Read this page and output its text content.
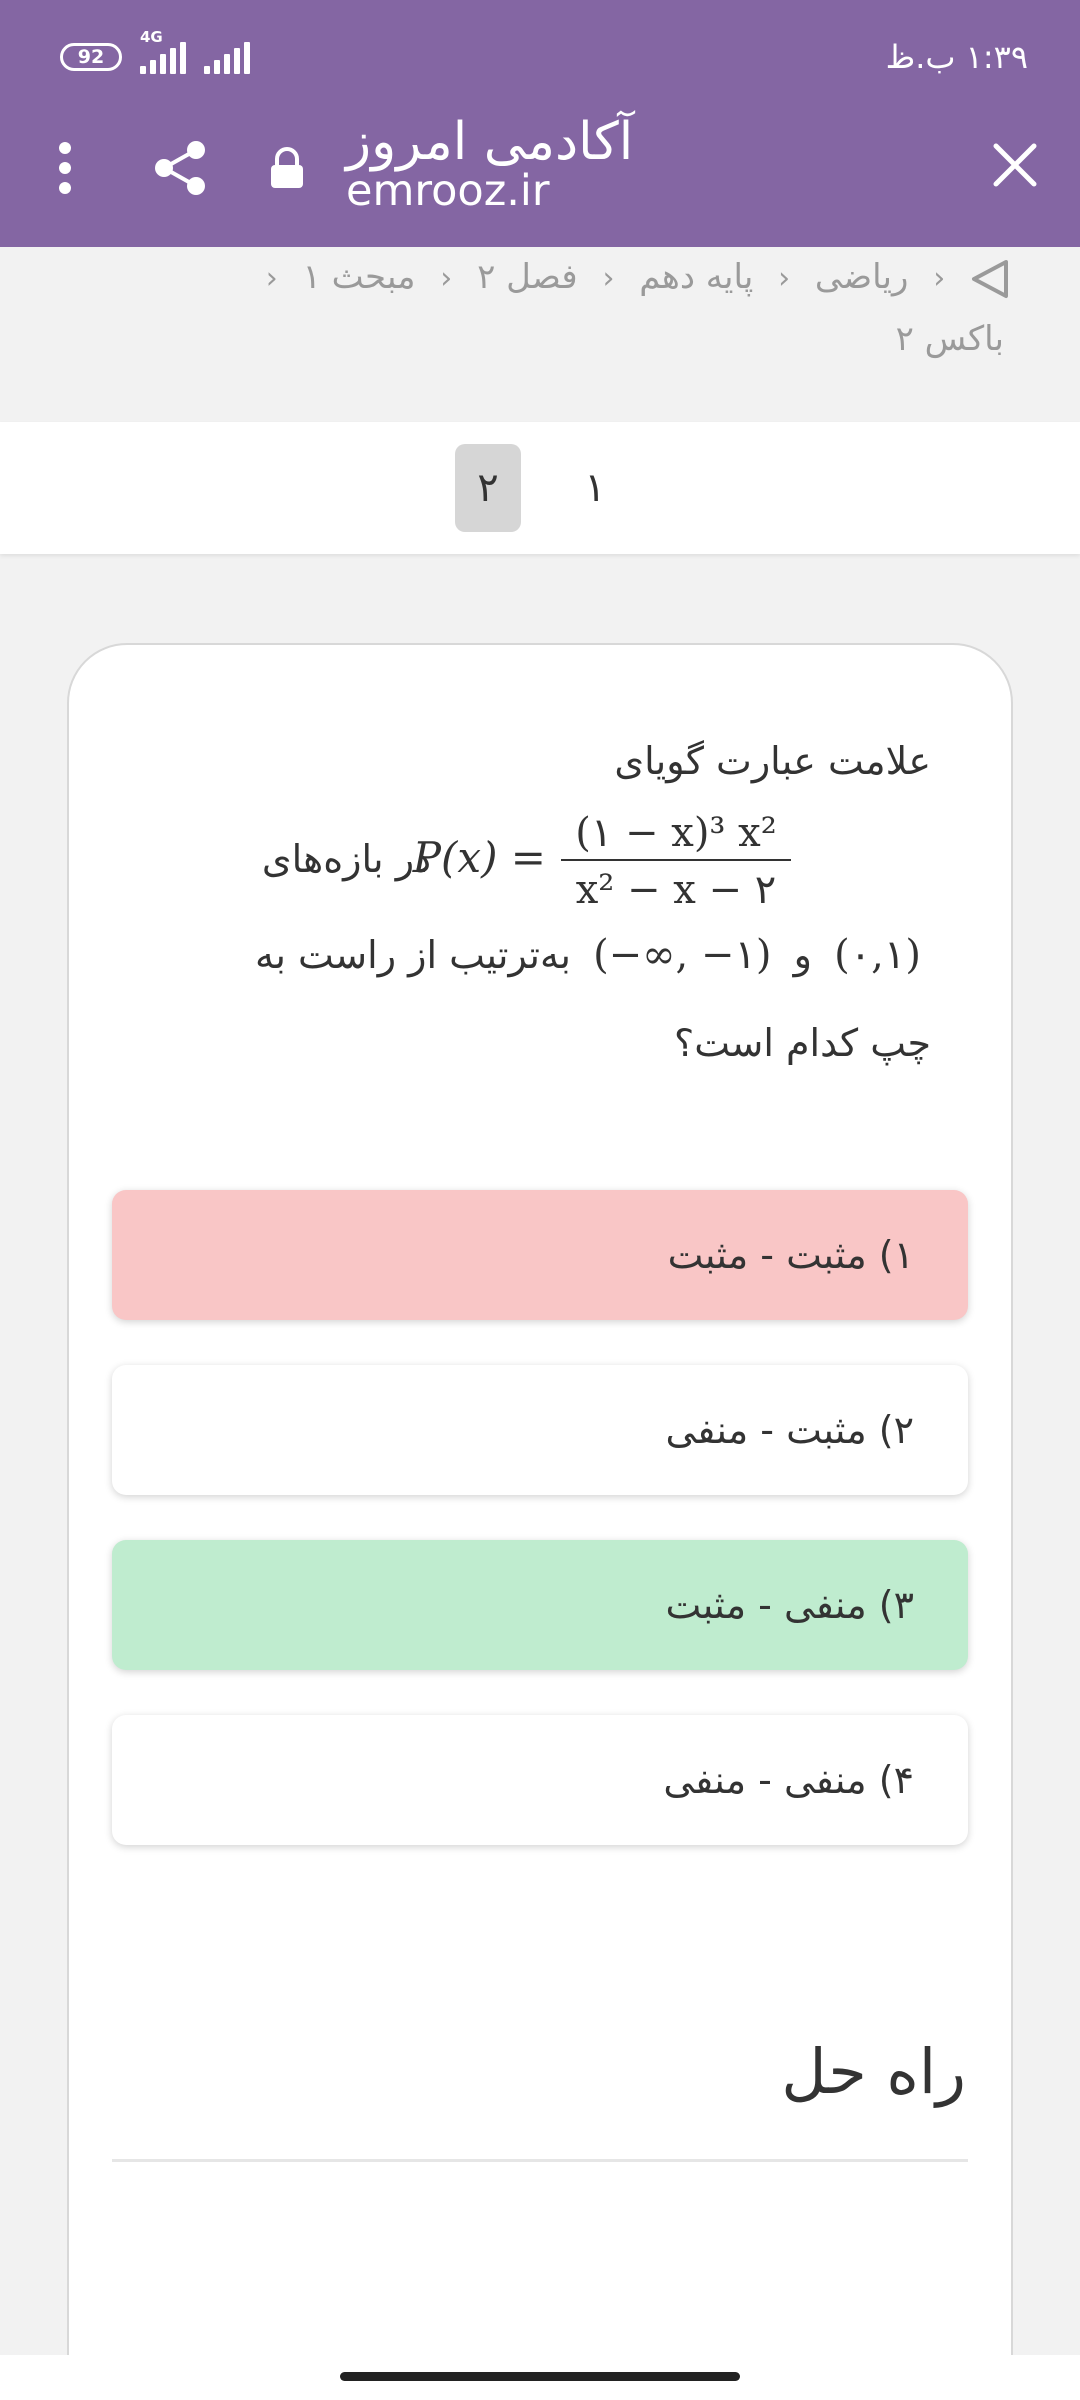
۱:۳۹ ب.ظ
92
4G
آکادمی امروز
emrooz.ir
‹ ریاضی ‹ پایه دهم ‹ فصل ۲ ‹ مبحث ۱ ‹
باکس ۲
۱
۲
علامت عبارت گویای
$\frac{\text{(۱ − x)³ x²}}{\text{x² − x − ۲}}$
P(x) =
در بازه‌های
(۰,۱) و (−∞, −۱) به‌ترتیب از راست به
چپ کدام است؟
۱) مثبت - مثبت
۲) مثبت - منفی
۳) منفی - مثبت
۴) منفی - منفی
راه حل
